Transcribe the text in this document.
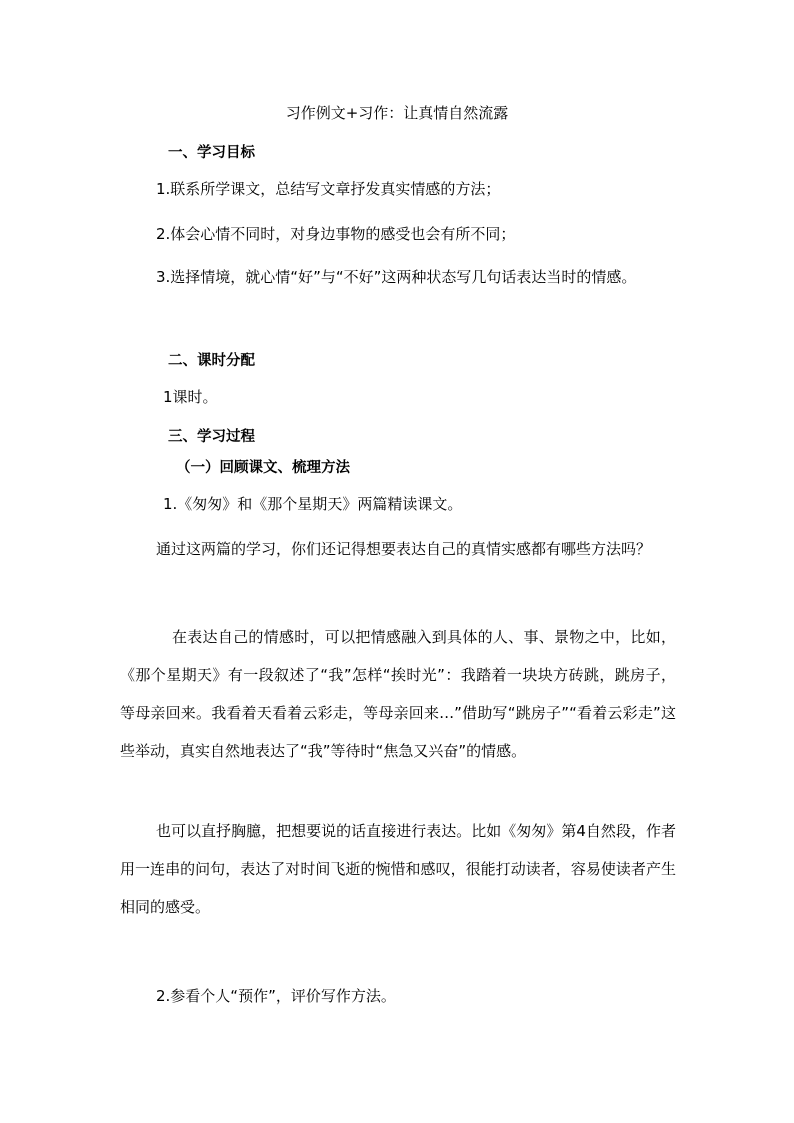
习作例文+习作：让真情自然流露
一、学习目标
1.联系所学课文，总结写文章抒发真实情感的方法；
2.体会心情不同时，对身边事物的感受也会有所不同；

3.选择情境，就心情“好”与“不好”这两种状态写几句话表达当时的情感。

二、课时分配
1课时。
三、学习过程
（一）回顾课文、梳理方法
1.《匆匆》和《那个星期天》两篇精读课文。

通过这两篇的学习，你们还记得想要表达自己的真情实感都有哪些方法吗？

在表达自己的情感时，可以把情感融入到具体的人、事、景物之中，比如，《那个星期天》有一段叙述了“我”怎样“挨时光”：我踏着一块块方砖跳，跳房子，等母亲回来。我看着天看着云彩走，等母亲回来…”借助写“跳房子”“看着云彩走”这些举动，真实自然地表达了“我”等待时“焦急又兴奋”的情感。

也可以直抒胸臆，把想要说的话直接进行表达。比如《匆匆》第4自然段，作者用一连串的问句，表达了对时间飞逝的惋惜和感叹，很能打动读者，容易使读者产生相同的感受。

2.参看个人“预作”，评价写作方法。
